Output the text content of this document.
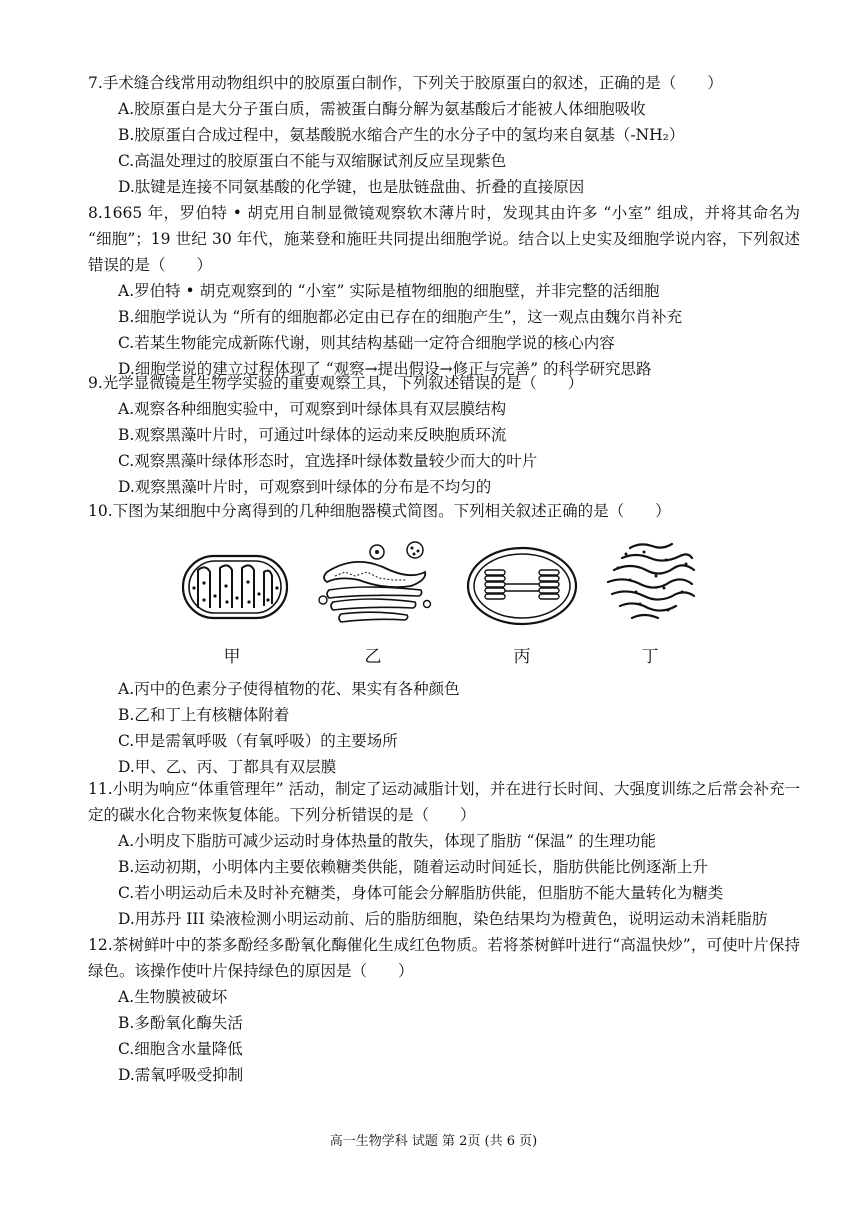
7.手术缝合线常用动物组织中的胶原蛋白制作，下列关于胶原蛋白的叙述，正确的是（　　）

A.胶原蛋白是大分子蛋白质，需被蛋白酶分解为氨基酸后才能被人体细胞吸收

B.胶原蛋白合成过程中，氨基酸脱水缩合产生的水分子中的氢均来自氨基（-NH₂）

C.高温处理过的胶原蛋白不能与双缩脲试剂反应呈现紫色

D.肽键是连接不同氨基酸的化学键，也是肽链盘曲、折叠的直接原因

8.1665 年，罗伯特 • 胡克用自制显微镜观察软木薄片时，发现其由许多 “小室” 组成，并将其命名为 “细胞”；19 世纪 30 年代，施莱登和施旺共同提出细胞学说。结合以上史实及细胞学说内容，下列叙述错误的是（　　）

A.罗伯特 • 胡克观察到的 “小室” 实际是植物细胞的细胞壁，并非完整的活细胞

B.细胞学说认为 “所有的细胞都必定由已存在的细胞产生”，这一观点由魏尔肖补充

C.若某生物能完成新陈代谢，则其结构基础一定符合细胞学说的核心内容

D.细胞学说的建立过程体现了 “观察→提出假设→修正与完善” 的科学研究思路

9.光学显微镜是生物学实验的重要观察工具，下列叙述错误的是（　　）

A.观察各种细胞实验中，可观察到叶绿体具有双层膜结构

B.观察黑藻叶片时，可通过叶绿体的运动来反映胞质环流

C.观察黑藻叶绿体形态时，宜选择叶绿体数量较少而大的叶片

D.观察黑藻叶片时，可观察到叶绿体的分布是不均匀的

10.下图为某细胞中分离得到的几种细胞器模式简图。下列相关叙述正确的是（　　）

甲	乙	丙	丁

A.丙中的色素分子使得植物的花、果实有各种颜色

B.乙和丁上有核糖体附着

C.甲是需氧呼吸（有氧呼吸）的主要场所

D.甲、乙、丙、丁都具有双层膜

11.小明为响应“体重管理年” 活动，制定了运动减脂计划，并在进行长时间、大强度训练之后常会补充一定的碳水化合物来恢复体能。下列分析错误的是（　　）

A.小明皮下脂肪可减少运动时身体热量的散失，体现了脂肪 “保温” 的生理功能

B.运动初期，小明体内主要依赖糖类供能，随着运动时间延长，脂肪供能比例逐渐上升

C.若小明运动后未及时补充糖类，身体可能会分解脂肪供能，但脂肪不能大量转化为糖类

D.用苏丹 III 染液检测小明运动前、后的脂肪细胞，染色结果均为橙黄色，说明运动未消耗脂肪

12.茶树鲜叶中的茶多酚经多酚氧化酶催化生成红色物质。若将茶树鲜叶进行“高温快炒”，可使叶片保持绿色。该操作使叶片保持绿色的原因是（　　）

A.生物膜被破坏

B.多酚氧化酶失活

C.细胞含水量降低

D.需氧呼吸受抑制

高一生物学科 试题 第 2页 (共 6 页)
